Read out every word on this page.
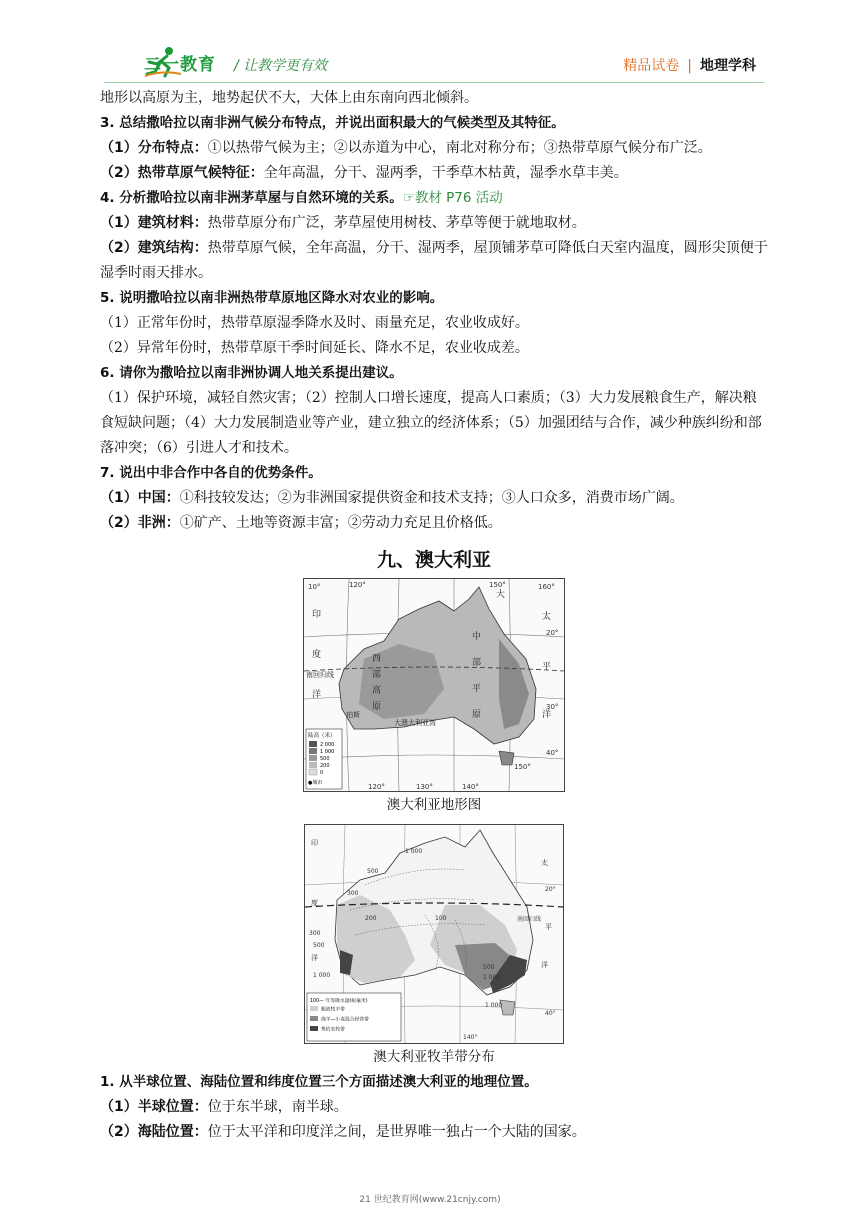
二一教育 / 让教学更有效	精品试卷 | 地理学科

地形以高原为主，地势起伏不大，大体上由东南向西北倾斜。

3. 总结撒哈拉以南非洲气候分布特点，并说出面积最大的气候类型及其特征。

（1）分布特点：①以热带气候为主；②以赤道为中心，南北对称分布；③热带草原气候分布广泛。

（2）热带草原气候特征：全年高温，分干、湿两季，干季草木枯黄，湿季水草丰美。

4. 分析撒哈拉以南非洲茅草屋与自然环境的关系。☞教材 P76 活动

（1）建筑材料：热带草原分布广泛，茅草屋使用树枝、茅草等便于就地取材。

（2）建筑结构：热带草原气候，全年高温，分干、湿两季，屋顶铺茅草可降低白天室内温度，圆形尖顶便于湿季时雨天排水。

5. 说明撒哈拉以南非洲热带草原地区降水对农业的影响。

（1）正常年份时，热带草原湿季降水及时、雨量充足，农业收成好。

（2）异常年份时，热带草原干季时间延长、降水不足，农业收成差。

6. 请你为撒哈拉以南非洲协调人地关系提出建议。

（1）保护环境，减轻自然灾害；（2）控制人口增长速度，提高人口素质；（3）大力发展粮食生产，解决粮食短缺问题；（4）大力发展制造业等产业，建立独立的经济体系；（5）加强团结与合作，减少种族纠纷和部落冲突；（6）引进人才和技术。

7. 说出中非合作中各自的优势条件。

（1）中国：①科技较发达；②为非洲国家提供资金和技术支持；③人口众多，消费市场广阔。

（2）非洲：①矿产、土地等资源丰富；②劳动力充足且价格低。

九、澳大利亚
10°	120°	150°	160°
20°
30°
40°
120°	130°	140°
150°
印
度
洋
太
平
洋
西
部
高
原
中
部
平
原
大
南回归线
珀斯
大澳大利亚湾
陆高（米）
2 000
1 000
500
200
0
●城市
澳大利亚地形图
印
度
洋
太
平
洋
1 000
500
300
200	100
300
500
1 000
500
1 000
1 000
南回归线
20°
40°
140°
100— 年等降水量线(毫米)
粗放牧羊带
绵羊—小麦混合经营带
集约农牧带
澳大利亚牧羊带分布

1. 从半球位置、海陆位置和纬度位置三个方面描述澳大利亚的地理位置。

（1）半球位置：位于东半球，南半球。

（2）海陆位置：位于太平洋和印度洋之间，是世界唯一独占一个大陆的国家。

21 世纪教育网(www.21cnjy.com)
